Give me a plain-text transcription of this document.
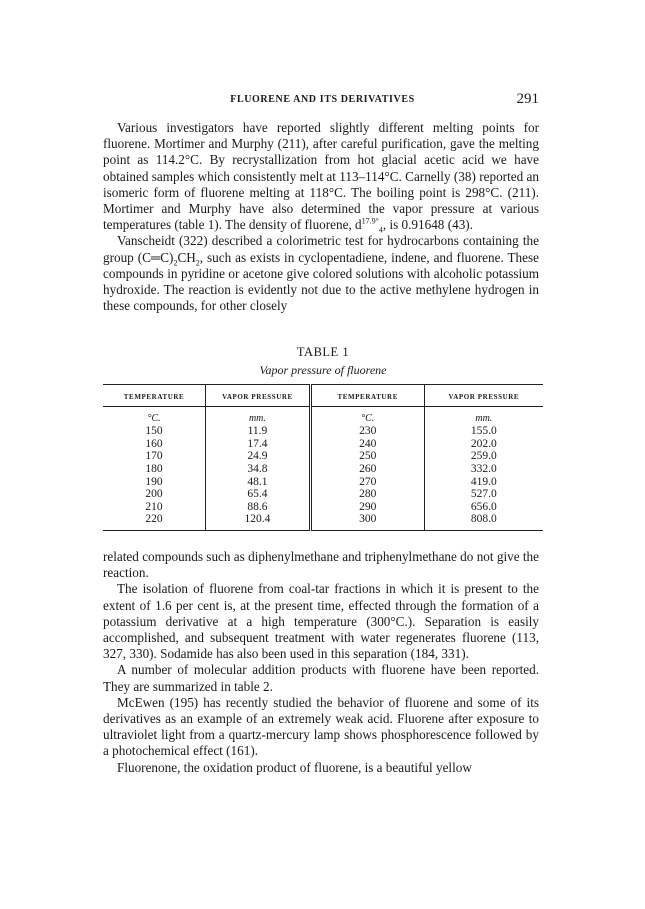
FLUORENE AND ITS DERIVATIVES	291

Various investigators have reported slightly different melting points for fluorene. Mortimer and Murphy (211), after careful purification, gave the melting point as 114.2°C. By recrystallization from hot glacial acetic acid we have obtained samples which consistently melt at 113–114°C. Carnelly (38) reported an isomeric form of fluorene melting at 118°C. The boiling point is 298°C. (211). Mortimer and Murphy have also determined the vapor pressure at various temperatures (table 1). The density of fluorene, $d^{17.9^\circ}_4$, is 0.91648 (43).

Vanscheidt (322) described a colorimetric test for hydrocarbons containing the group $(C═C)_2CH_2$, such as exists in cyclopentadiene, indene, and fluorene. These compounds in pyridine or acetone give colored solutions with alcoholic potassium hydroxide. The reaction is evidently not due to the active methylene hydrogen in these compounds, for other closely

TABLE 1
Vapor pressure of fluorene
TEMPERATURE	VAPOR PRESSURE	TEMPERATURE	VAPOR PRESSURE
°C.	mm.	°C.	mm.
150	11.9	230	155.0
160	17.4	240	202.0
170	24.9	250	259.0
180	34.8	260	332.0
190	48.1	270	419.0
200	65.4	280	527.0
210	88.6	290	656.0
220	120.4	300	808.0

related compounds such as diphenylmethane and triphenylmethane do not give the reaction.

The isolation of fluorene from coal-tar fractions in which it is present to the extent of 1.6 per cent is, at the present time, effected through the formation of a potassium derivative at a high temperature (300°C.). Separation is easily accomplished, and subsequent treatment with water regenerates fluorene (113, 327, 330). Sodamide has also been used in this separation (184, 331).

A number of molecular addition products with fluorene have been reported. They are summarized in table 2.

McEwen (195) has recently studied the behavior of fluorene and some of its derivatives as an example of an extremely weak acid. Fluorene after exposure to ultraviolet light from a quartz-mercury lamp shows phosphorescence followed by a photochemical effect (161).

Fluorenone, the oxidation product of fluorene, is a beautiful yellow
